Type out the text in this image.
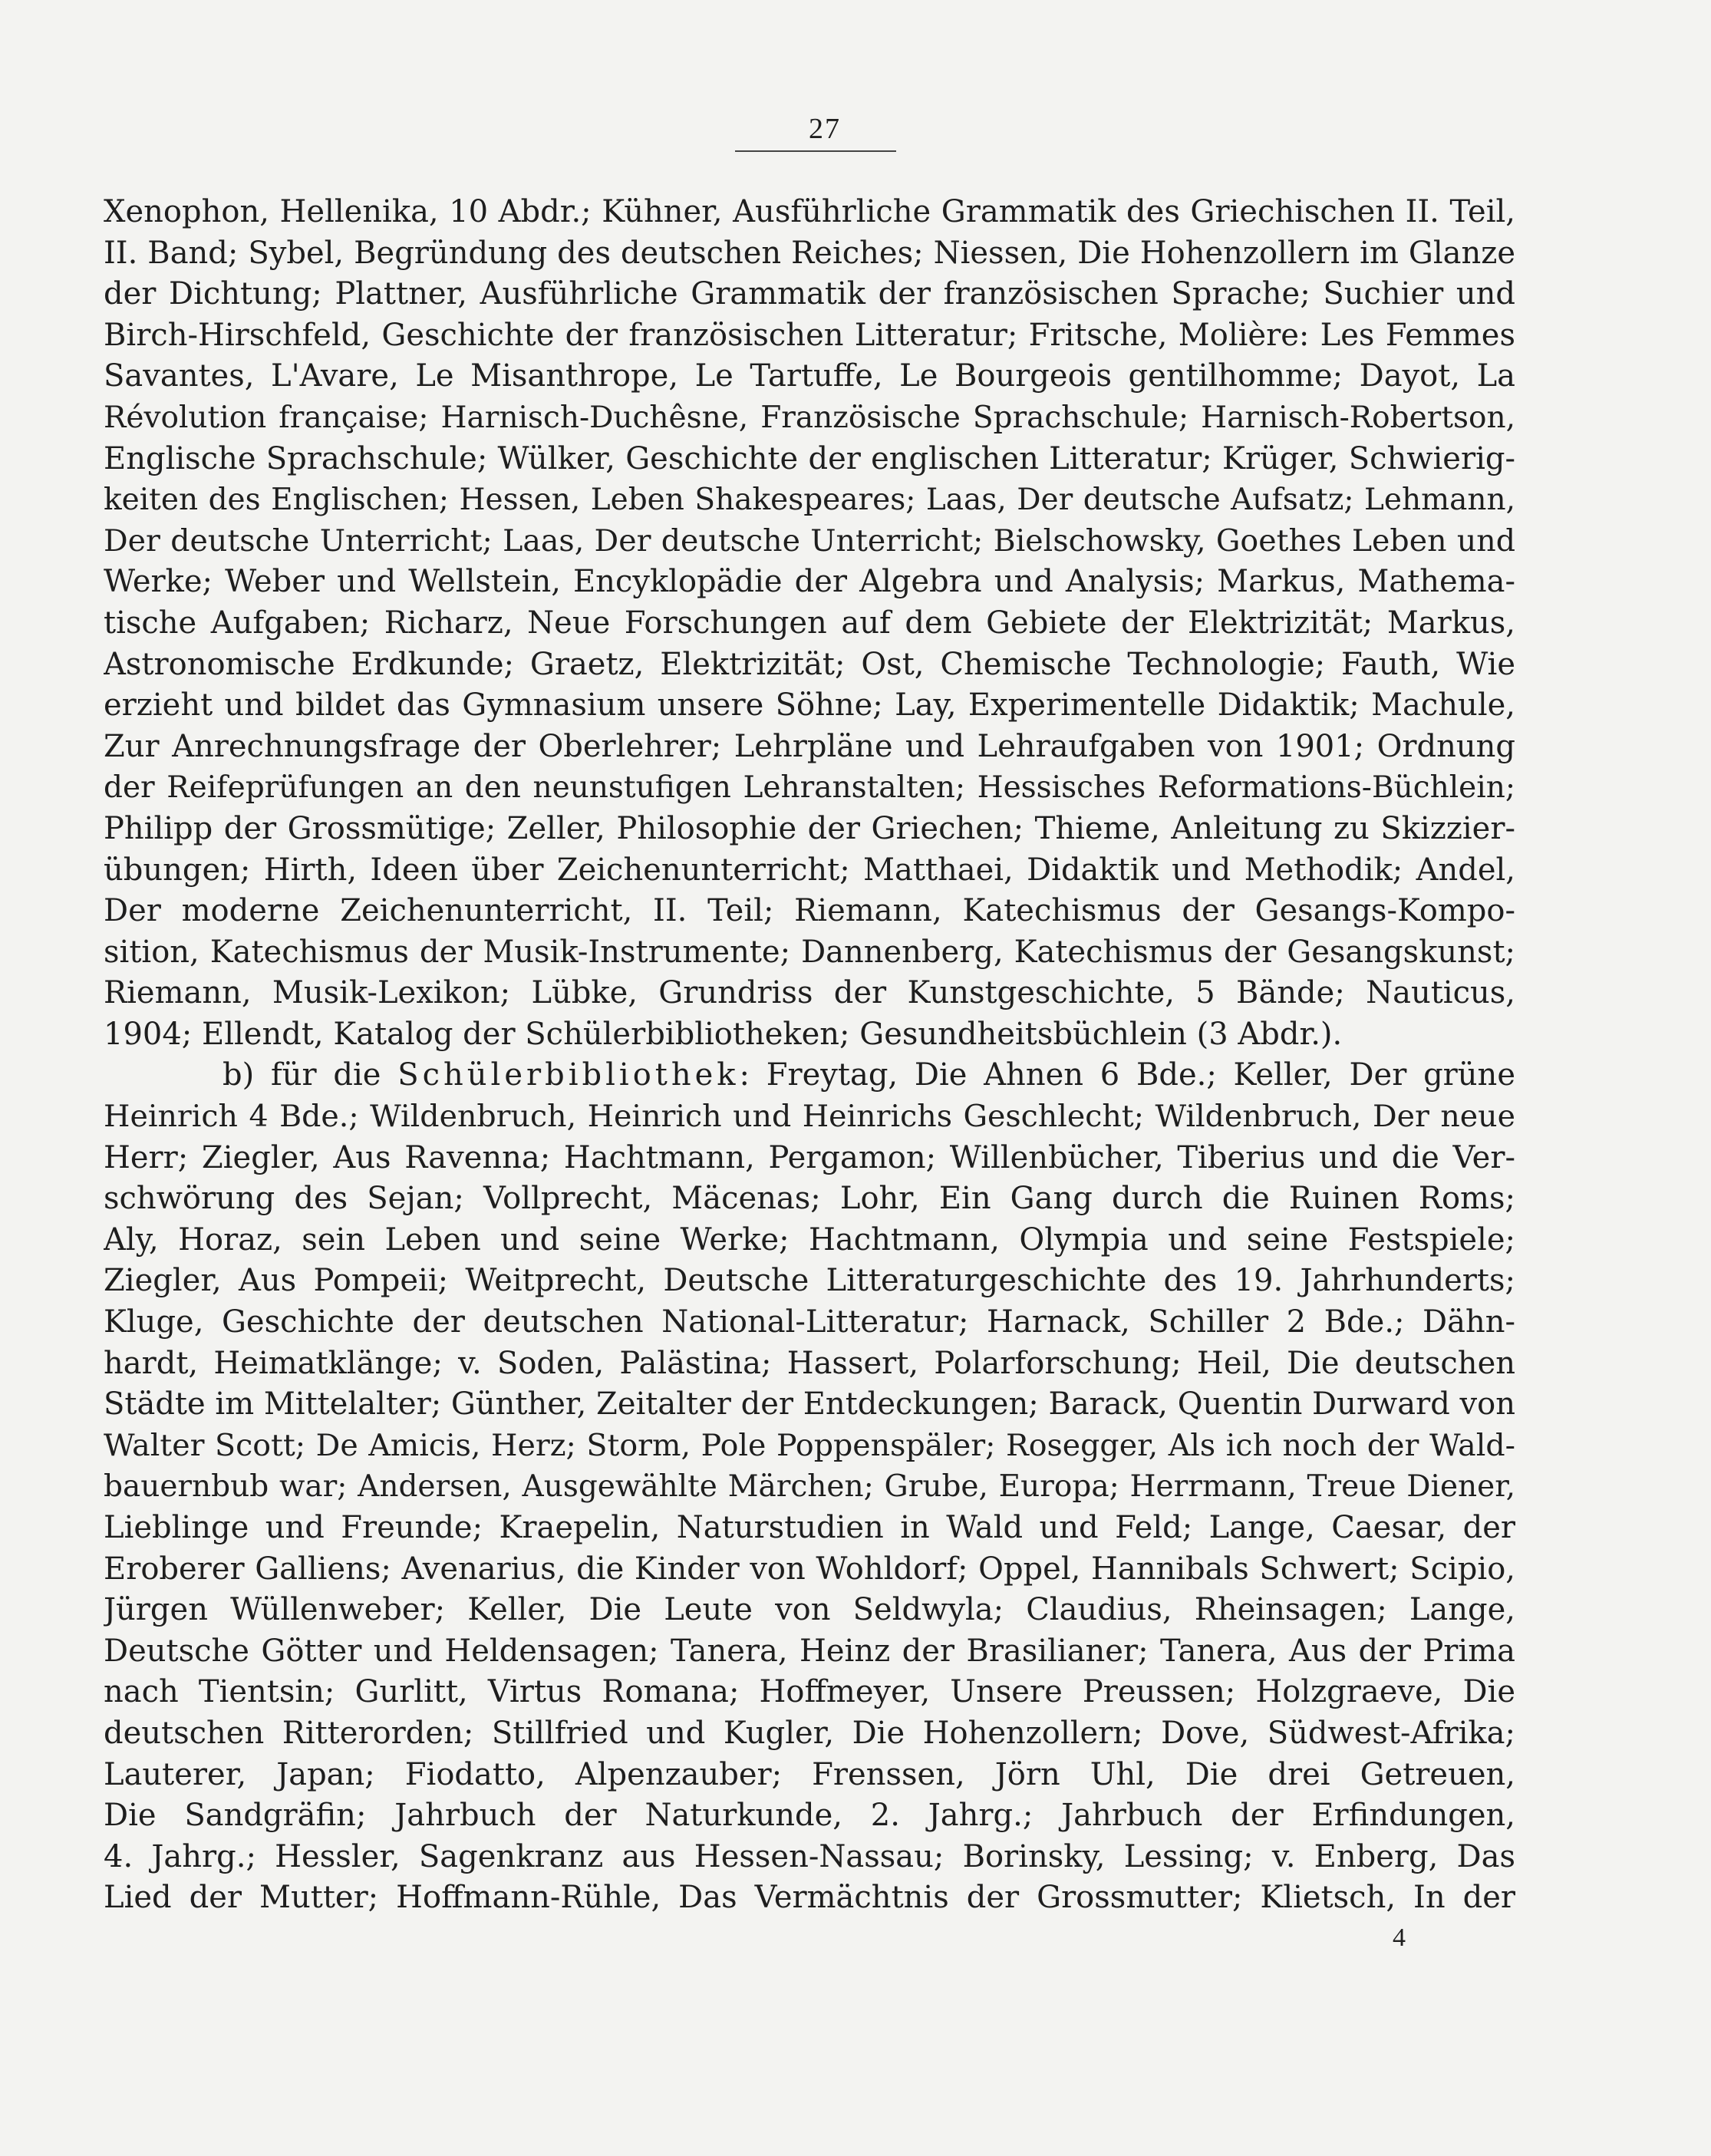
27
Xenophon, Hellenika, 10 Abdr.; Kühner, Ausführliche Grammatik des Griechischen II. Teil,
II. Band; Sybel, Begründung des deutschen Reiches; Niessen, Die Hohenzollern im Glanze
der Dichtung; Plattner, Ausführliche Grammatik der französischen Sprache; Suchier und
Birch-Hirschfeld, Geschichte der französischen Litteratur; Fritsche, Molière: Les Femmes
Savantes, L'Avare, Le Misanthrope, Le Tartuffe, Le Bourgeois gentilhomme; Dayot, La
Révolution française; Harnisch-Duchêsne, Französische Sprachschule; Harnisch-Robertson,
Englische Sprachschule; Wülker, Geschichte der englischen Litteratur; Krüger, Schwierig-
keiten des Englischen; Hessen, Leben Shakespeares; Laas, Der deutsche Aufsatz; Lehmann,
Der deutsche Unterricht; Laas, Der deutsche Unterricht; Bielschowsky, Goethes Leben und
Werke; Weber und Wellstein, Encyklopädie der Algebra und Analysis; Markus, Mathema-
tische Aufgaben; Richarz, Neue Forschungen auf dem Gebiete der Elektrizität; Markus,
Astronomische Erdkunde; Graetz, Elektrizität; Ost, Chemische Technologie; Fauth, Wie
erzieht und bildet das Gymnasium unsere Söhne; Lay, Experimentelle Didaktik; Machule,
Zur Anrechnungsfrage der Oberlehrer; Lehrpläne und Lehraufgaben von 1901; Ordnung
der Reifeprüfungen an den neunstufigen Lehranstalten; Hessisches Reformations-Büchlein;
Philipp der Grossmütige; Zeller, Philosophie der Griechen; Thieme, Anleitung zu Skizzier-
übungen; Hirth, Ideen über Zeichenunterricht; Matthaei, Didaktik und Methodik; Andel,
Der moderne Zeichenunterricht, II. Teil; Riemann, Katechismus der Gesangs-Kompo-
sition, Katechismus der Musik-Instrumente; Dannenberg, Katechismus der Gesangskunst;
Riemann, Musik-Lexikon; Lübke, Grundriss der Kunstgeschichte, 5 Bände; Nauticus,
1904; Ellendt, Katalog der Schülerbibliotheken; Gesundheitsbüchlein (3 Abdr.).
b) für die Schülerbibliothek: Freytag, Die Ahnen 6 Bde.; Keller, Der grüne
Heinrich 4 Bde.; Wildenbruch, Heinrich und Heinrichs Geschlecht; Wildenbruch, Der neue
Herr; Ziegler, Aus Ravenna; Hachtmann, Pergamon; Willenbücher, Tiberius und die Ver-
schwörung des Sejan; Vollprecht, Mäcenas; Lohr, Ein Gang durch die Ruinen Roms;
Aly, Horaz, sein Leben und seine Werke; Hachtmann, Olympia und seine Festspiele;
Ziegler, Aus Pompeii; Weitprecht, Deutsche Litteraturgeschichte des 19. Jahrhunderts;
Kluge, Geschichte der deutschen National-Litteratur; Harnack, Schiller 2 Bde.; Dähn-
hardt, Heimatklänge; v. Soden, Palästina; Hassert, Polarforschung; Heil, Die deutschen
Städte im Mittelalter; Günther, Zeitalter der Entdeckungen; Barack, Quentin Durward von
Walter Scott; De Amicis, Herz; Storm, Pole Poppenspäler; Rosegger, Als ich noch der Wald-
bauernbub war; Andersen, Ausgewählte Märchen; Grube, Europa; Herrmann, Treue Diener,
Lieblinge und Freunde; Kraepelin, Naturstudien in Wald und Feld; Lange, Caesar, der
Eroberer Galliens; Avenarius, die Kinder von Wohldorf; Oppel, Hannibals Schwert; Scipio,
Jürgen Wüllenweber; Keller, Die Leute von Seldwyla; Claudius, Rheinsagen; Lange,
Deutsche Götter und Heldensagen; Tanera, Heinz der Brasilianer; Tanera, Aus der Prima
nach Tientsin; Gurlitt, Virtus Romana; Hoffmeyer, Unsere Preussen; Holzgraeve, Die
deutschen Ritterorden; Stillfried und Kugler, Die Hohenzollern; Dove, Südwest-Afrika;
Lauterer, Japan; Fiodatto, Alpenzauber; Frenssen, Jörn Uhl, Die drei Getreuen,
Die Sandgräfin; Jahrbuch der Naturkunde, 2. Jahrg.; Jahrbuch der Erfindungen,
4. Jahrg.; Hessler, Sagenkranz aus Hessen-Nassau; Borinsky, Lessing; v. Enberg, Das
Lied der Mutter; Hoffmann-Rühle, Das Vermächtnis der Grossmutter; Klietsch, In der
4
